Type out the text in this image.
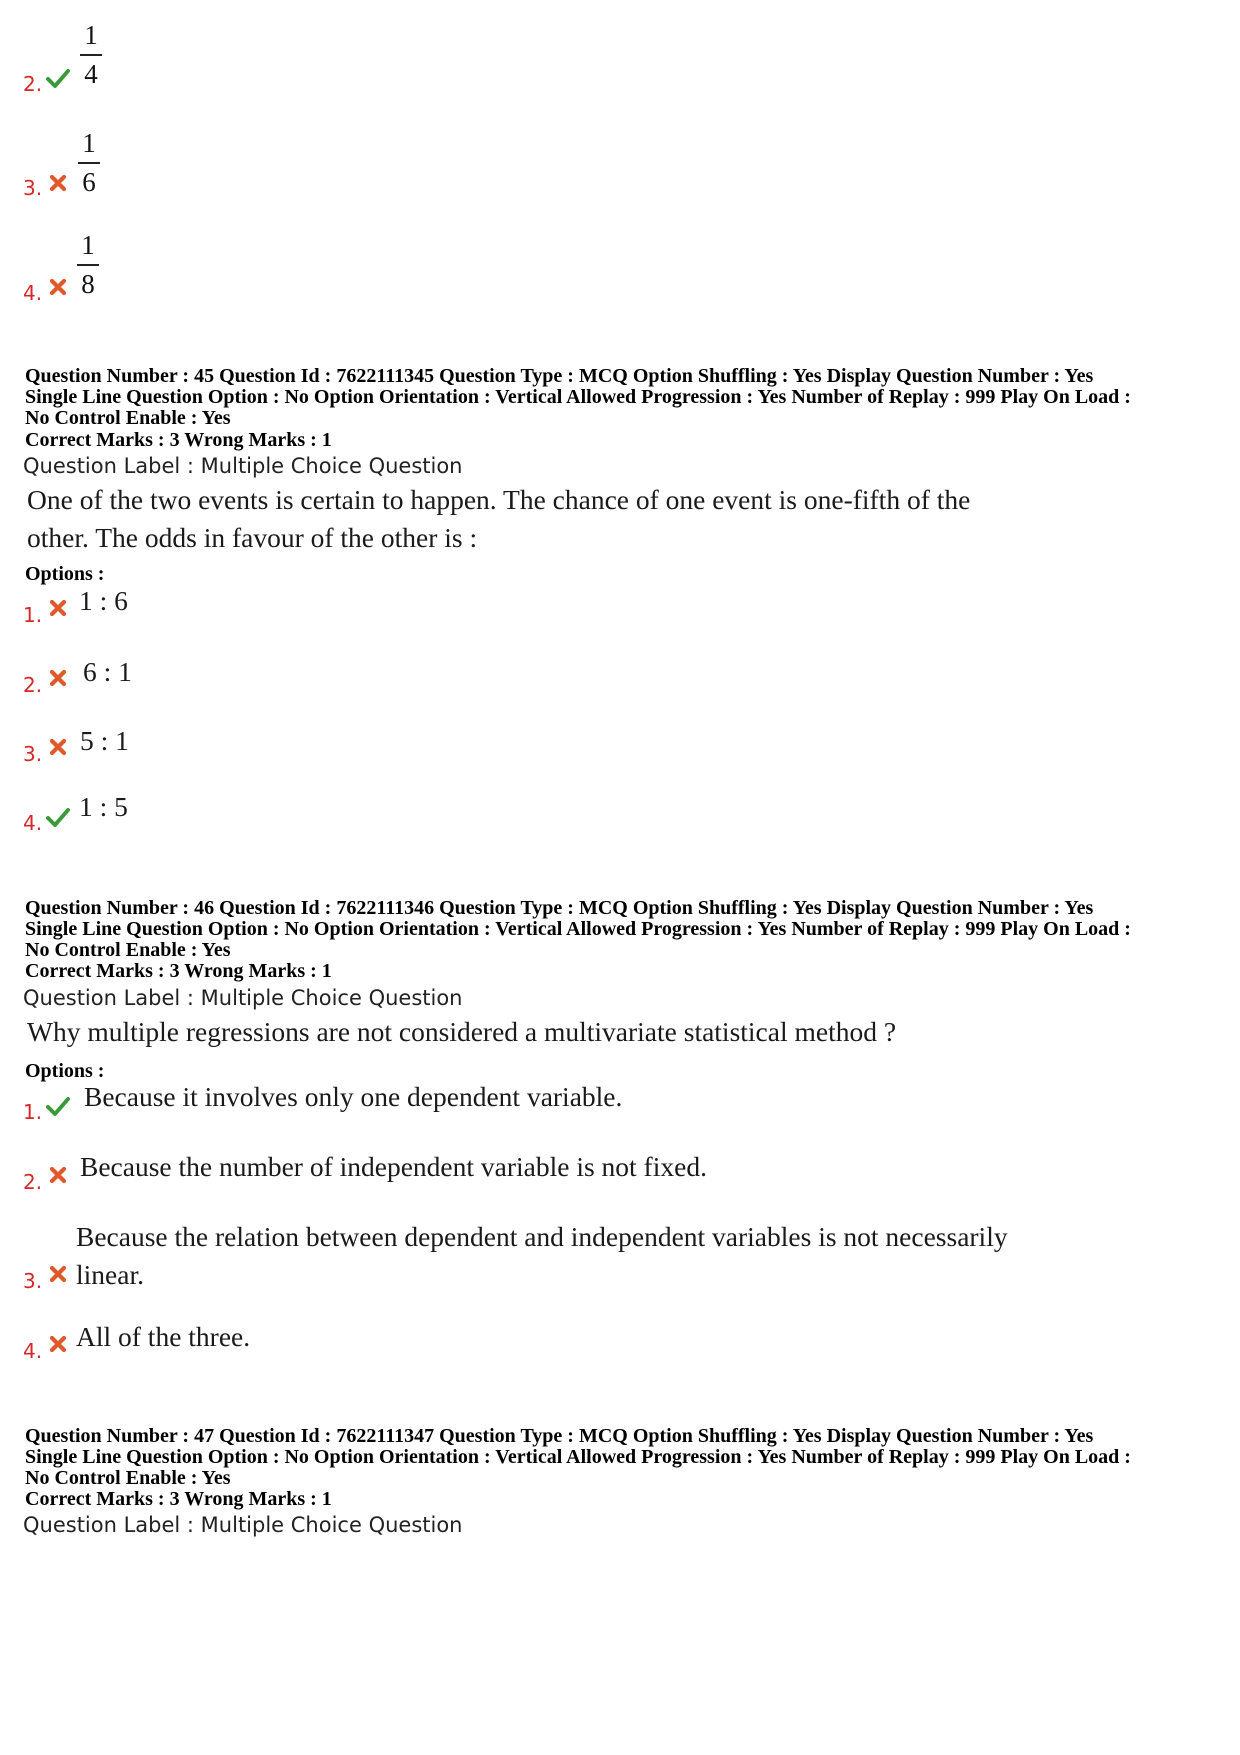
2.
1
4
3.
1
6
4.
1
8
Question Number : 45 Question Id : 7622111345 Question Type : MCQ Option Shuffling : Yes Display Question Number : Yes
Single Line Question Option : No Option Orientation : Vertical Allowed Progression : Yes Number of Replay : 999 Play On Load :
No Control Enable : Yes
Correct Marks : 3 Wrong Marks : 1
Question Label : Multiple Choice Question
One of the two events is certain to happen. The chance of one event is one-fifth of the
other. The odds in favour of the other is :
Options :
1. 1 : 6
2. 6 : 1
3. 5 : 1
4.
1 : 5
Question Number : 46 Question Id : 7622111346 Question Type : MCQ Option Shuffling : Yes Display Question Number : Yes
Single Line Question Option : No Option Orientation : Vertical Allowed Progression : Yes Number of Replay : 999 Play On Load :
No Control Enable : Yes
Correct Marks : 3 Wrong Marks : 1
Question Label : Multiple Choice Question
Why multiple regressions are not considered a multivariate statistical method ?
Options :
1. Because it involves only one dependent variable.
2. Because the number of independent variable is not fixed.
3.
Because the relation between dependent and independent variables is not necessarily
linear.
4. All of the three.
Question Number : 47 Question Id : 7622111347 Question Type : MCQ Option Shuffling : Yes Display Question Number : Yes
Single Line Question Option : No Option Orientation : Vertical Allowed Progression : Yes Number of Replay : 999 Play On Load :
No Control Enable : Yes
Correct Marks : 3 Wrong Marks : 1
Question Label : Multiple Choice Question
